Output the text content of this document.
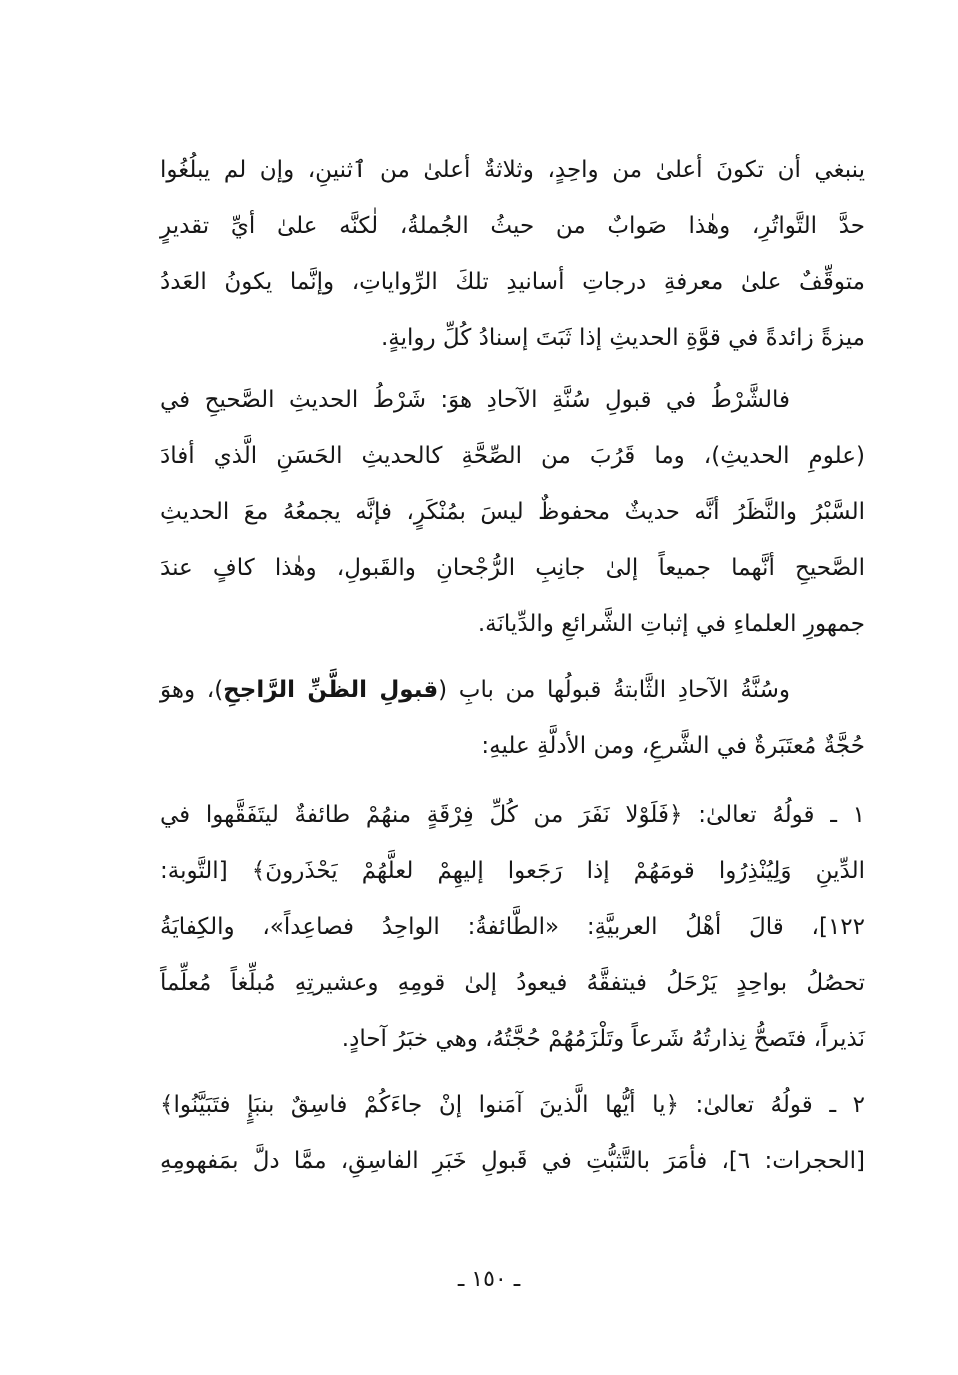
ينبغي أن تكونَ أعلىٰ من واحِدٍ، وثلاثةٌ أعلىٰ من ٱثنينِ، وإن لم يبلُغُوا
حدَّ التَّواتُرِ، وهٰذا صَوابٌ من حيثُ الجُملةُ، لٰكنَّه علىٰ أيِّ تقديرٍ
متوقِّفٌ علىٰ معرفةِ درجاتِ أسانيدِ تلكَ الرِّواياتِ، وإنَّما يكونُ العَددُ
ميزةً زائدةً في قوَّةِ الحديثِ إذا ثَبَتَ إسنادُ كُلِّ روايةٍ.
فالشَّرْطُ في قبولِ سُنَّةِ الآحادِ هوَ: شَرْطُ الحديثِ الصَّحيحِ في
(علومِ الحديثِ)، وما قَرُبَ من الصِّحَّةِ كالحديثِ الحَسَنِ الَّذي أفادَ
السَّبْرُ والنَّظَرُ أنَّه حديثٌ محفوظٌ ليسَ بمُنْكَرٍ، فإنَّه يجمعُهُ معَ الحديثِ
الصَّحيحِ أنَّهما جميعاً إلىٰ جانِبِ الرُّجْحانِ والقَبولِ، وهٰذا كافٍ عندَ
جمهورِ العلماءِ في إثباتِ الشَّرائعِ والدِّيانَة.
وسُنَّةُ الآحادِ الثَّابتةُ قبولُها من بابِ (قبولِ الظَّنِّ الرَّاجحِ)، وهوَ
حُجَّةٌ مُعتَبَرةٌ في الشَّرعِ، ومن الأدلَّةِ عليهِ:
١ ـ قولُهُ تعالىٰ: ﴿فَلَوْلا نَفَرَ من كُلِّ فِرْقَةٍ منهُمْ طائفةٌ ليتَفَقَّهوا في
الدِّينِ وَلِيُنْذِرُوا قومَهُمْ إذا رَجَعوا إليهِمْ لعلَّهُمْ يَحْذَرونَ﴾ [التَّوبة:
١٢٢]، قالَ أهْلُ العربيَّةِ: «الطَّائفةُ: الواحِدُ فصاعِداً»، والكِفايَةُ
تحصُلُ بواحِدٍ يَرْحَلُ فيتفقَّهُ فيعودُ إلىٰ قومِهِ وعشيرتِهِ مُبلِّغاً مُعلِّماً
نَذيراً، فتَصحُّ نِذارتُهُ شَرعاً وتَلْزَمُهُمْ حُجَّتُهُ، وهي خبَرُ آحادٍ.
٢ ـ قولُهُ تعالىٰ: ﴿يا أيُّها الَّذينَ آمَنوا إنْ جاءَكُمْ فاسِقٌ بنبَإٍ فتَبَيَّنُوا﴾
[الحجرات: ٦]، فأمَرَ بالتَّثبُّتِ في قَبولِ خَبَرِ الفاسِقِ، ممَّا دلَّ بمَفهومِهِ
ـ ١٥٠ ـ
